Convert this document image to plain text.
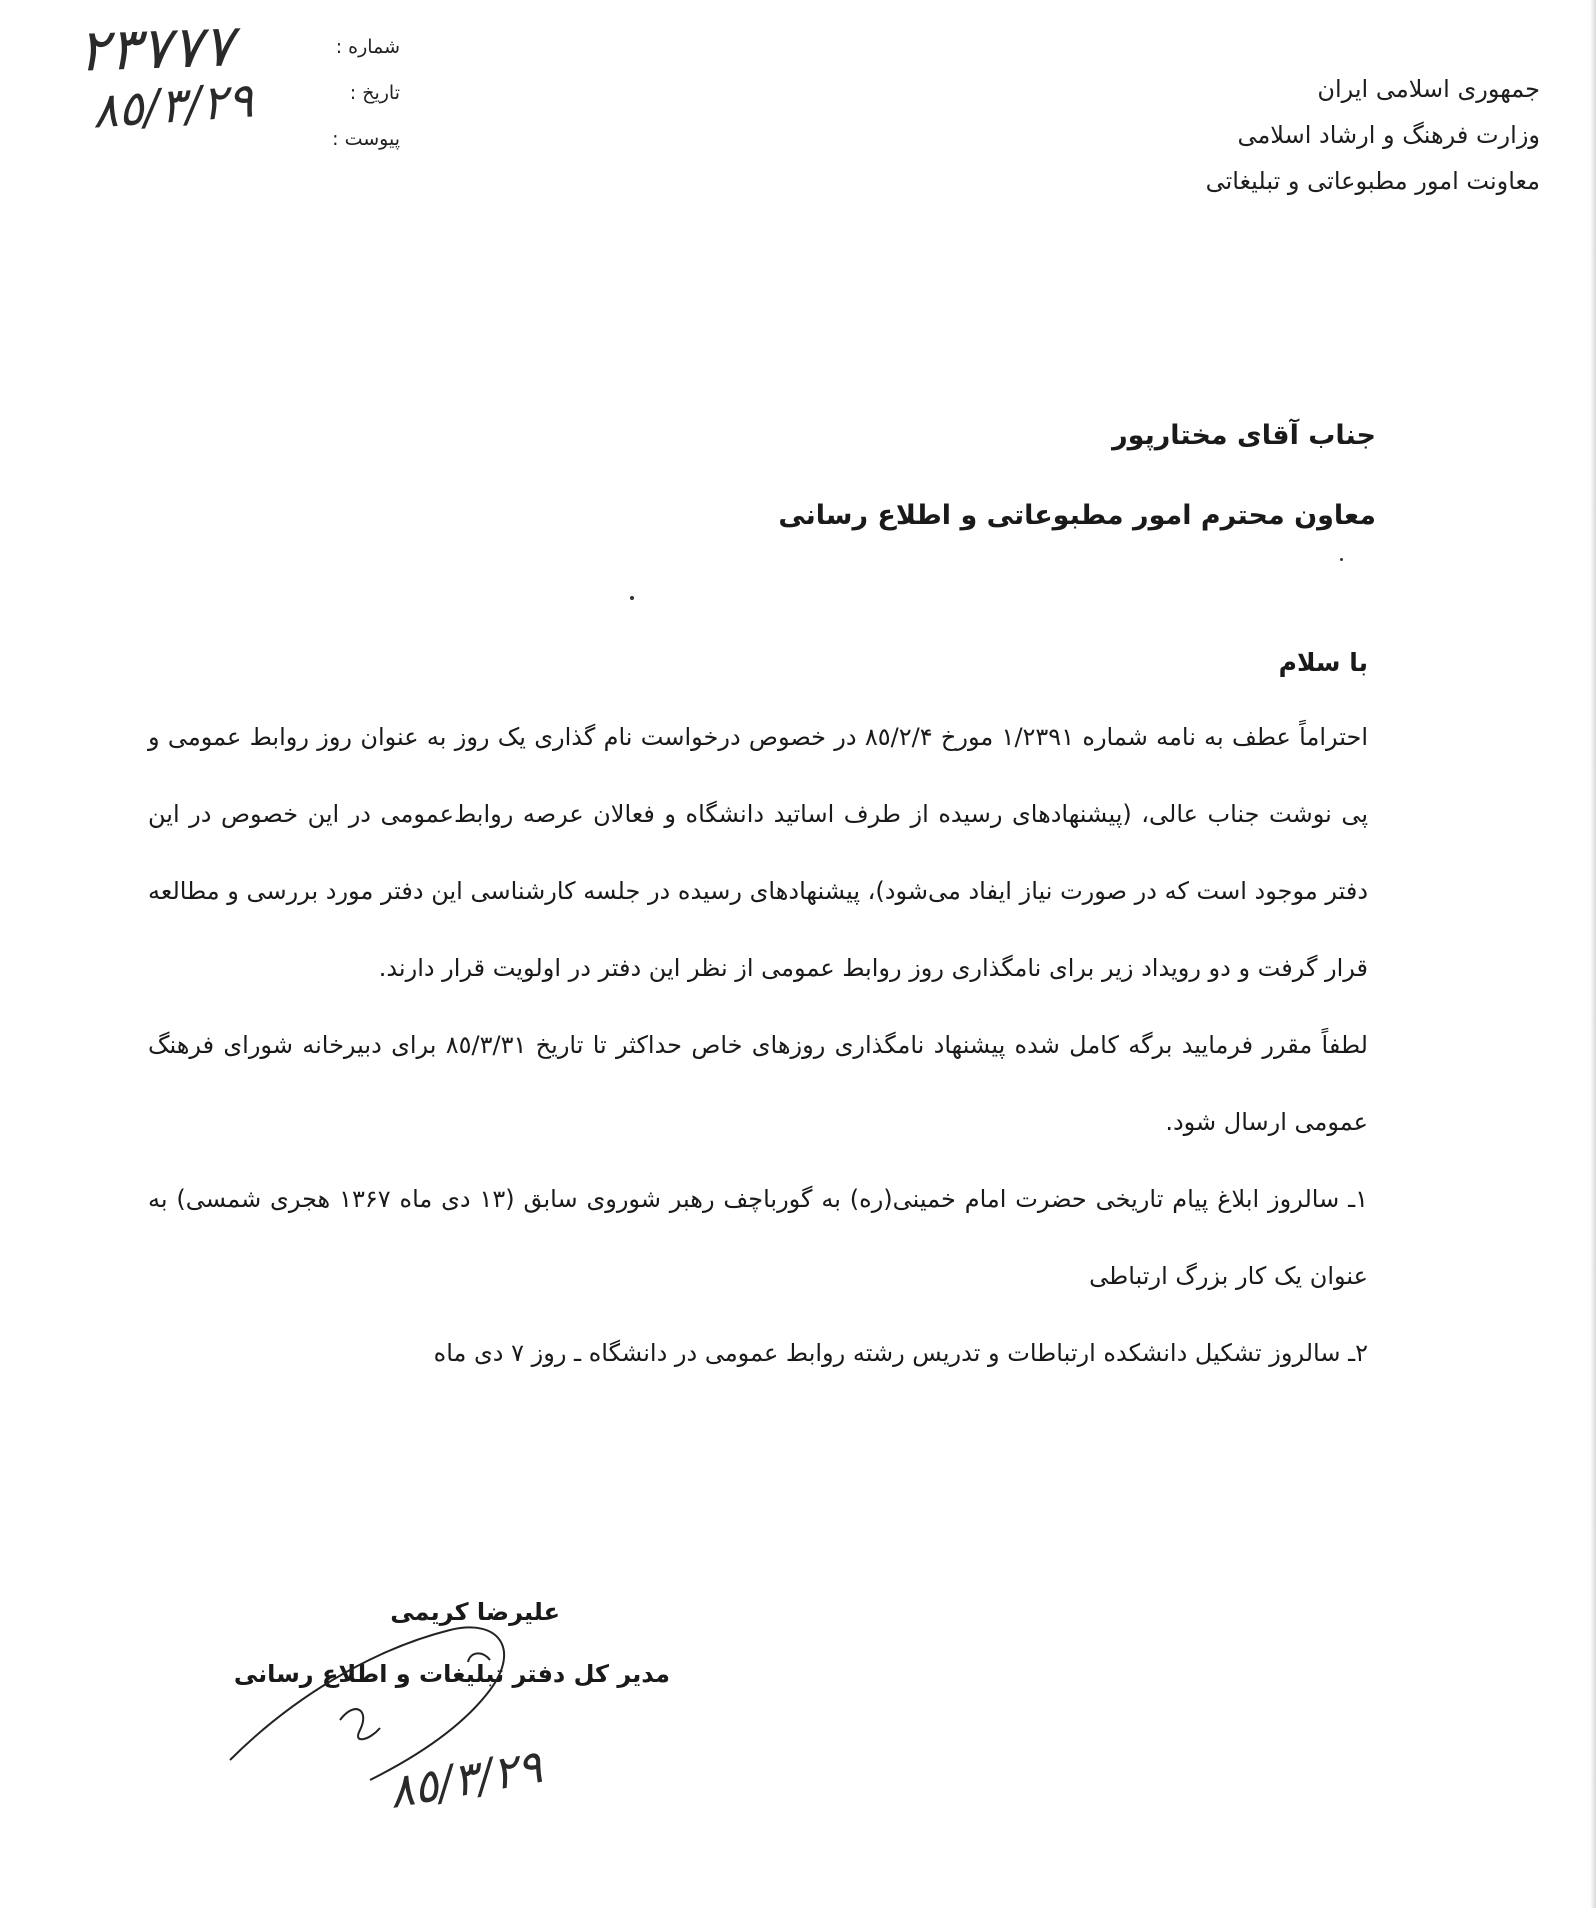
٢٣٧٧٧
٨٥/٣/٢٩
شماره :
تاریخ :
پیوست :
جمهوری اسلامی ایران
وزارت فرهنگ و ارشاد اسلامی
معاونت امور مطبوعاتی و تبلیغاتی
جناب آقای مختارپور
معاون محترم امور مطبوعاتی و اطلاع رسانی
با سلام

احتراماً عطف به نامه شماره ١/٢٣٩١ مورخ ٨٥/٢/۴ در خصوص درخواست نام گذاری یک روز به عنوان روز روابط عمومی و پی نوشت جناب عالی، (پیشنهادهای رسیده از طرف اساتید دانشگاه و فعالان عرصه روابط‌عمومی در این خصوص در این دفتر موجود است که در صورت نیاز ایفاد می‌شود)، پیشنهادهای رسیده در جلسه کارشناسی این دفتر مورد بررسی و مطالعه قرار گرفت و دو رویداد زیر برای نامگذاری روز روابط عمومی از نظر این دفتر در اولویت قرار دارند.

لطفاً مقرر فرمایید برگه کامل شده پیشنهاد نامگذاری روزهای خاص حداکثر تا تاریخ ٨٥/٣/٣١ برای دبیرخانه شورای فرهنگ عمومی ارسال شود.

١ـ سالروز ابلاغ پیام تاریخی حضرت امام خمینی(ره) به گورباچف رهبر شوروی سابق (١٣ دی ماه ١٣۶٧ هجری شمسی) به عنوان یک کار بزرگ ارتباطی

٢ـ سالروز تشکیل دانشکده ارتباطات و تدریس رشته روابط عمومی در دانشگاه ـ روز ٧ دی ماه

علیرضا کریمی
مدیر کل دفتر تبلیغات و اطلاع رسانی
٨٥/٣/٢٩
